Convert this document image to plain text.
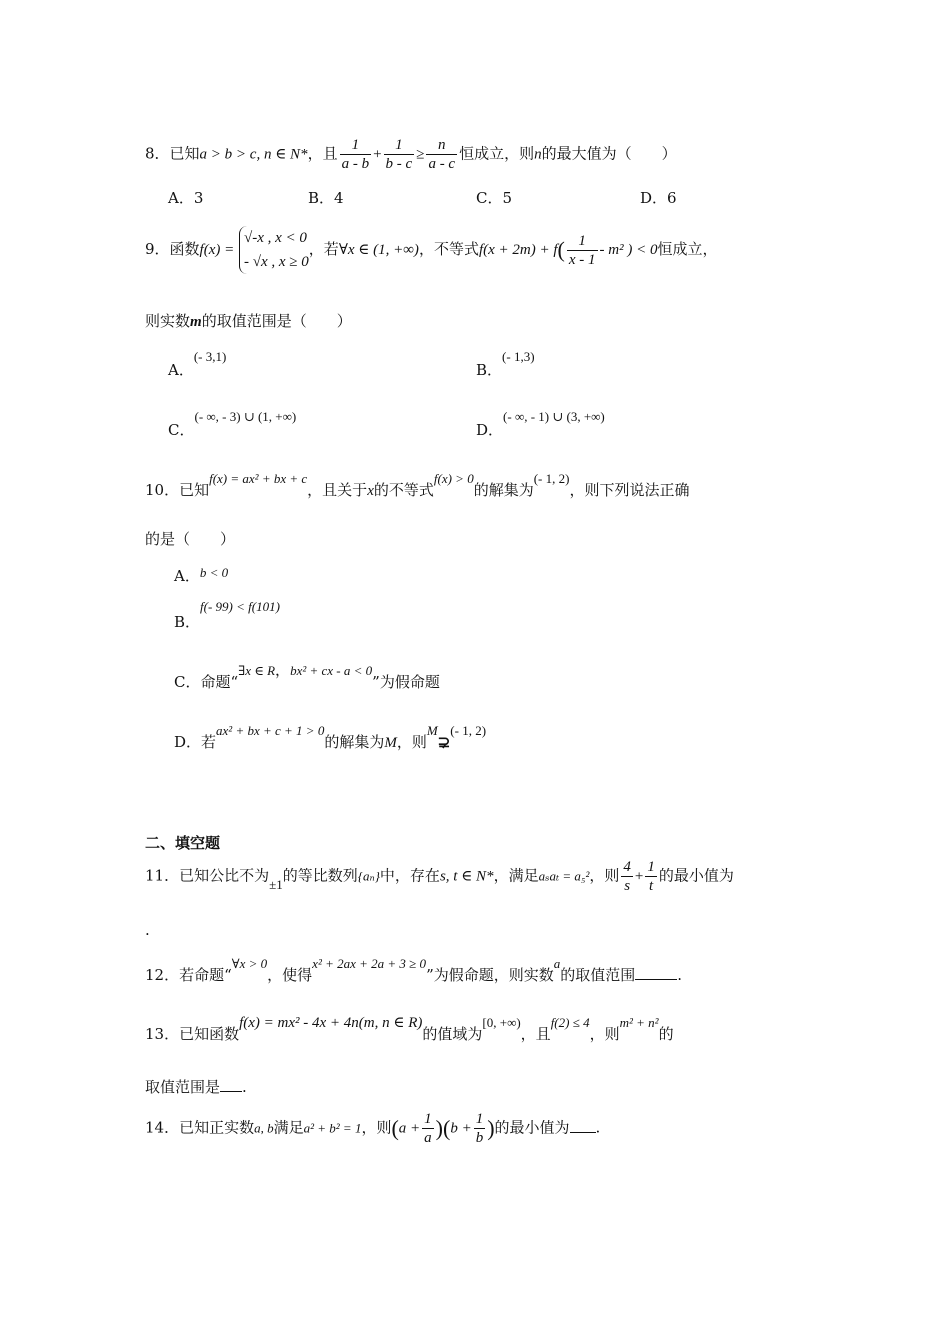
8．已知a > b > c, n ∈ N*，且 $\frac{1}{a - b} + \frac{1}{b - c} \ge \frac{n}{a - c}$ 恒成立，则n的最大值为（　　）
A．3	B．4	C．5	D．6
9．函数f(x) =
√-x , x < 0
- √x , x ≥ 0
，若∀x ∈ (1, +∞)，不等式$f(x + 2m) + f( \frac{1}{x - 1} - m^2$ ) < 0恒成立，
则实数m的取值范围是（　　）
A．(- 3,1)
B．(- 1,3)
C．(- ∞, - 3) ∪ (1, +∞)
D．(- ∞, - 1) ∪ (3, +∞)
10．已知f(x) = ax² + bx + c，且关于x的不等式f(x) > 0的解集为(- 1, 2)，则下列说法正确
的是（　　）
A．b < 0
B．f(- 99) < f(101)
C．命题“∃x ∈ R，bx² + cx - a < 0”为假命题
D．若ax² + bx + c + 1 > 0的解集为M，则M⊋(- 1, 2)
二、填空题
11．已知公比不为±1的等比数列{aₙ}中，存在s, t ∈ N*，满足aₛaₜ = a₅²，则 $\frac{4}{s} + \frac{1}{t}$ 的最小值为
.
12．若命题“∀x > 0，使得x² + 2ax + 2a + 3 ≥ 0”为假命题，则实数a的取值范围	.
13．已知函数f(x) = mx² - 4x + 4n(m, n ∈ R)的值域为[0, +∞)，且f(2) ≤ 4，则m² + n²的
取值范围是 .
14．已知正实数a, b满足a² + b² = 1，则$(a + \frac{1}{a} )(b + \frac{1}{b}$ )的最小值为 .
